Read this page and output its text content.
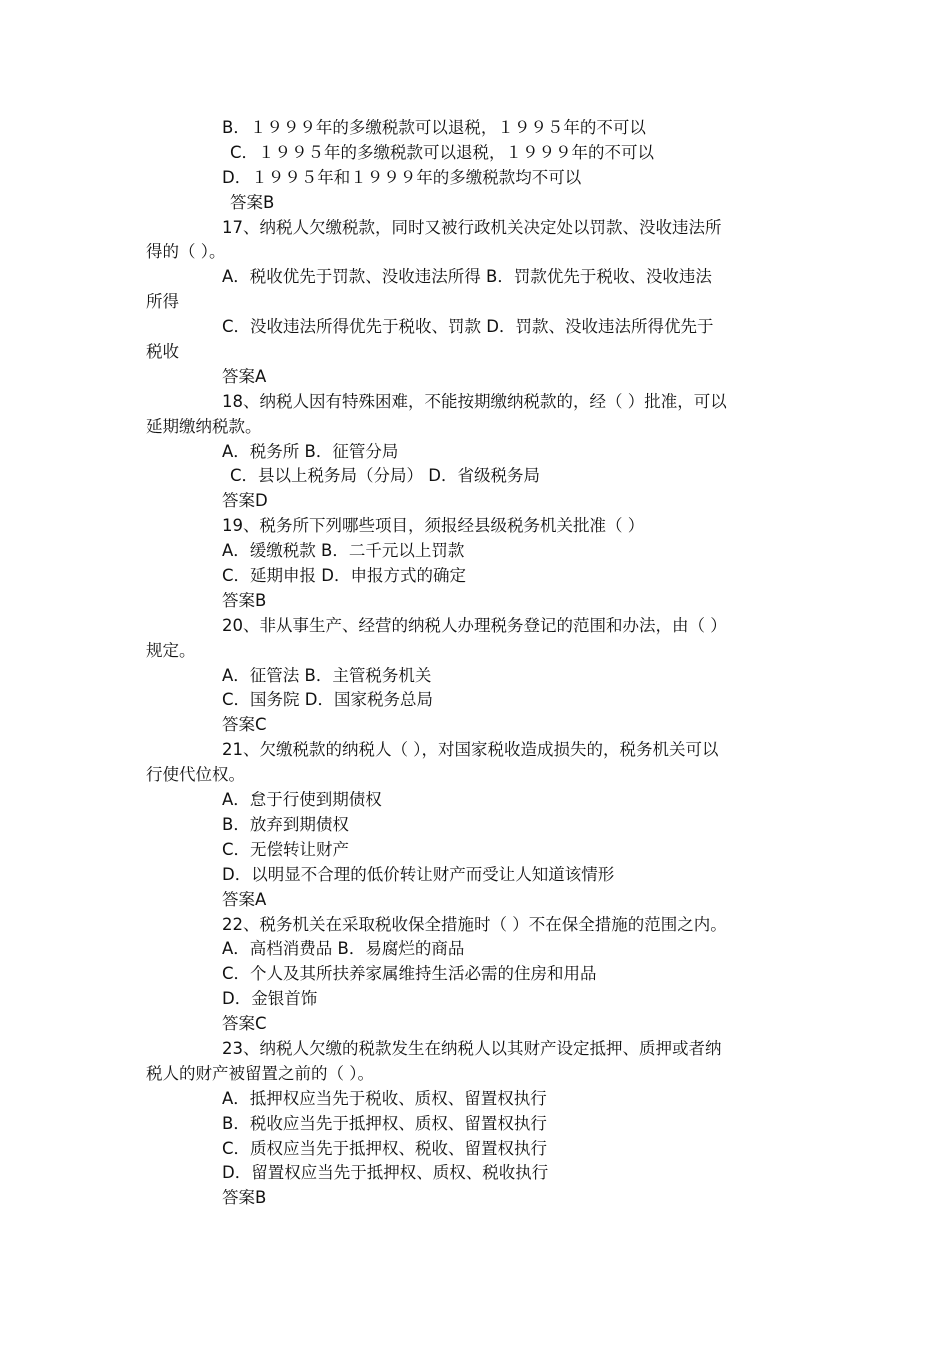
B．１９９９年的多缴税款可以退税，１９９５年的不可以
C．１９９５年的多缴税款可以退税，１９９９年的不可以
D．１９９５年和１９９９年的多缴税款均不可以
答案B
17、纳税人欠缴税款，同时又被行政机关决定处以罚款、没收违法所
得的（ ）。
A．税收优先于罚款、没收违法所得 B．罚款优先于税收、没收违法
所得
C．没收违法所得优先于税收、罚款 D．罚款、没收违法所得优先于
税收
答案A
18、纳税人因有特殊困难，不能按期缴纳税款的，经（ ）批准，可以
延期缴纳税款。
A．税务所 B．征管分局
C．县以上税务局（分局） D．省级税务局
答案D
19、税务所下列哪些项目，须报经县级税务机关批准（ ）
A．缓缴税款 B．二千元以上罚款
C．延期申报 D．申报方式的确定
答案B
20、非从事生产、经营的纳税人办理税务登记的范围和办法，由（ ）
规定。
A．征管法 B．主管税务机关
C．国务院 D．国家税务总局
答案C
21、欠缴税款的纳税人（ ），对国家税收造成损失的，税务机关可以
行使代位权。
A．怠于行使到期债权
B．放弃到期债权
C．无偿转让财产
D．以明显不合理的低价转让财产而受让人知道该情形
答案A
22、税务机关在采取税收保全措施时（ ）不在保全措施的范围之内。
A．高档消费品 B．易腐烂的商品
C．个人及其所扶养家属维持生活必需的住房和用品
D．金银首饰
答案C
23、纳税人欠缴的税款发生在纳税人以其财产设定抵押、质押或者纳
税人的财产被留置之前的（ ）。
A．抵押权应当先于税收、质权、留置权执行
B．税收应当先于抵押权、质权、留置权执行
C．质权应当先于抵押权、税收、留置权执行
D．留置权应当先于抵押权、质权、税收执行
答案B
